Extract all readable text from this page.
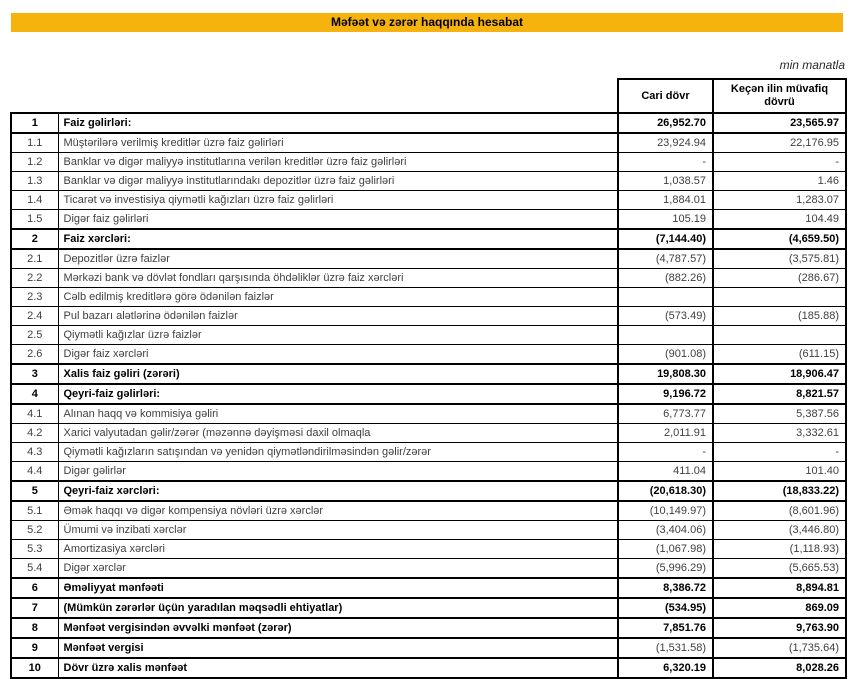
Məfəət və zərər haqqında hesabat
min manatla
		Cari dövr	Keçən ilin müvafiq dövrü
1	Faiz gəlirləri:	26,952.70	23,565.97
1.1	Müştərilərə verilmiş kreditlər üzrə faiz gəlirləri	23,924.94	22,176.95
1.2	Banklar və digər maliyyə institutlarına verilən kreditlər üzrə faiz gəlirləri	-	-
1.3	Banklar və digər maliyyə institutlarındakı depozitlər üzrə faiz gəlirləri	1,038.57	1.46
1.4	Ticarət və investisiya qiymətli kağızları üzrə faiz gəlirləri	1,884.01	1,283.07
1.5	Digər faiz gəlirləri	105.19	104.49
2	Faiz xərcləri:	(7,144.40)	(4,659.50)
2.1	Depozitlər üzrə faizlər	(4,787.57)	(3,575.81)
2.2	Mərkəzi bank və dövlət fondları qarşısında öhdəliklər üzrə faiz xərcləri	(882.26)	(286.67)
2.3	Cəlb edilmiş kreditlərə görə ödənilən faizlər		
2.4	Pul bazarı alətlərinə ödənilən faizlər	(573.49)	(185.88)
2.5	Qiymətli kağızlar üzrə faizlər		
2.6	Digər faiz xərcləri	(901.08)	(611.15)
3	Xalis faiz gəliri (zərəri)	19,808.30	18,906.47
4	Qeyri-faiz gəlirləri:	9,196.72	8,821.57
4.1	Alınan haqq və kommisiya gəliri	6,773.77	5,387.56
4.2	Xarici valyutadan gəlir/zərər (məzənnə dəyişməsi daxil olmaqla	2,011.91	3,332.61
4.3	Qiymətli kağızların satışından və yenidən qiymətləndirilməsindən gəlir/zərər	-	-
4.4	Digər gəlirlər	411.04	101.40
5	Qeyri-faiz xərcləri:	(20,618.30)	(18,833.22)
5.1	Əmək haqqı və digər kompensiya növləri üzrə xərclər	(10,149.97)	(8,601.96)
5.2	Ümumi və inzibati xərclər	(3,404.06)	(3,446.80)
5.3	Amortizasiya xərcləri	(1,067.98)	(1,118.93)
5.4	Digər xərclər	(5,996.29)	(5,665.53)
6	Əməliyyat mənfəəti	8,386.72	8,894.81
7	(Mümkün zərərlər üçün yaradılan məqsədli ehtiyatlar)	(534.95)	869.09
8	Mənfəət vergisindən əvvəlki mənfəət (zərər)	7,851.76	9,763.90
9	Mənfəət vergisi	(1,531.58)	(1,735.64)
10	Dövr üzrə xalis mənfəət	6,320.19	8,028.26
